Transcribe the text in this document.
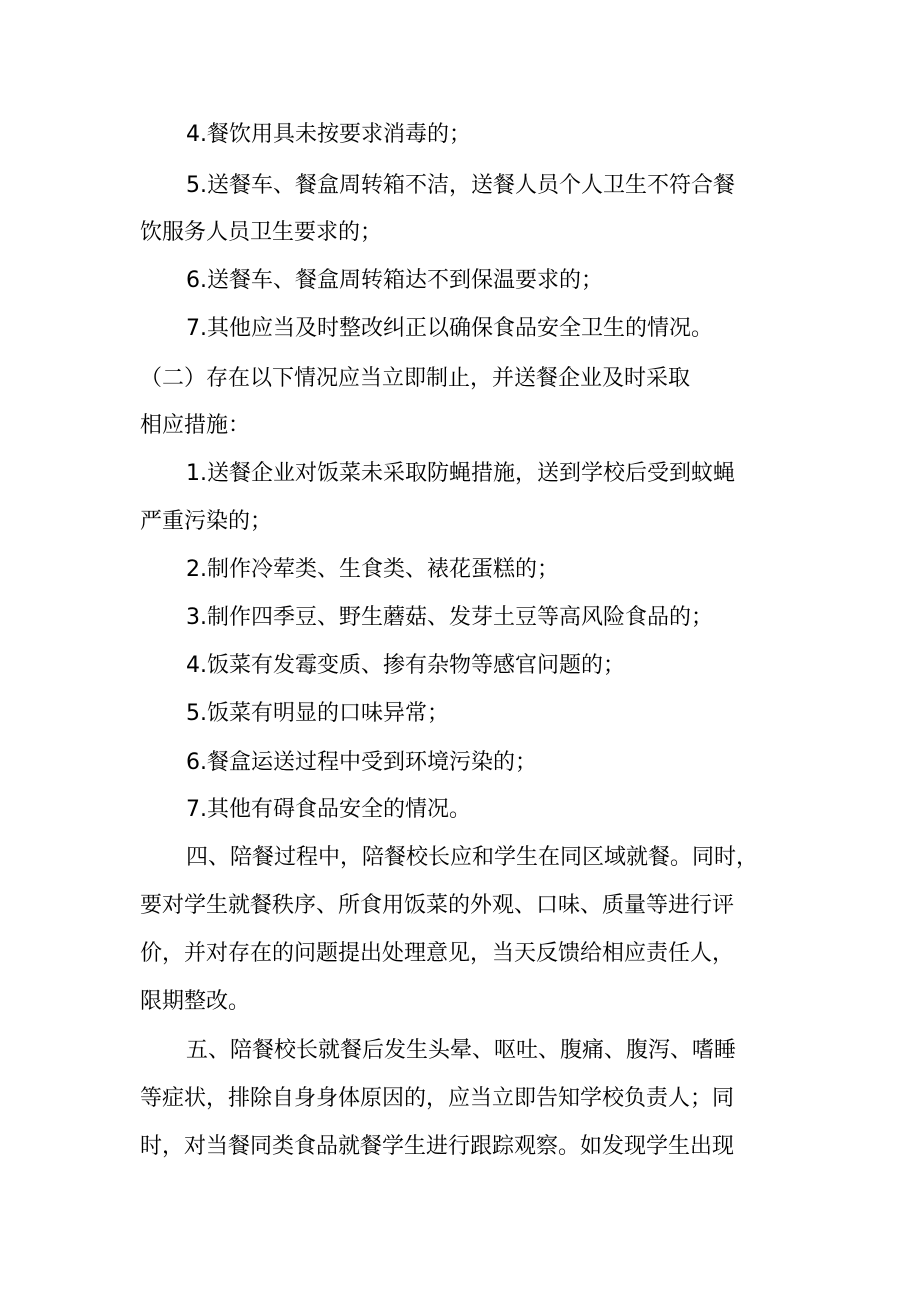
4.餐饮用具未按要求消毒的；
5.送餐车、餐盒周转箱不洁，送餐人员个人卫生不符合餐
饮服务人员卫生要求的；
6.送餐车、餐盒周转箱达不到保温要求的；
7.其他应当及时整改纠正以确保食品安全卫生的情况。
（二）存在以下情况应当立即制止，并送餐企业及时采取
相应措施：
1.送餐企业对饭菜未采取防蝇措施，送到学校后受到蚊蝇
严重污染的；
2.制作冷荤类、生食类、裱花蛋糕的；
3.制作四季豆、野生蘑菇、发芽土豆等高风险食品的；
4.饭菜有发霉变质、掺有杂物等感官问题的；
5.饭菜有明显的口味异常；
6.餐盒运送过程中受到环境污染的；
7.其他有碍食品安全的情况。
四、陪餐过程中，陪餐校长应和学生在同区域就餐。同时，
要对学生就餐秩序、所食用饭菜的外观、口味、质量等进行评
价，并对存在的问题提出处理意见，当天反馈给相应责任人，
限期整改。
五、陪餐校长就餐后发生头晕、呕吐、腹痛、腹泻、嗜睡
等症状，排除自身身体原因的，应当立即告知学校负责人；同
时，对当餐同类食品就餐学生进行跟踪观察。如发现学生出现
